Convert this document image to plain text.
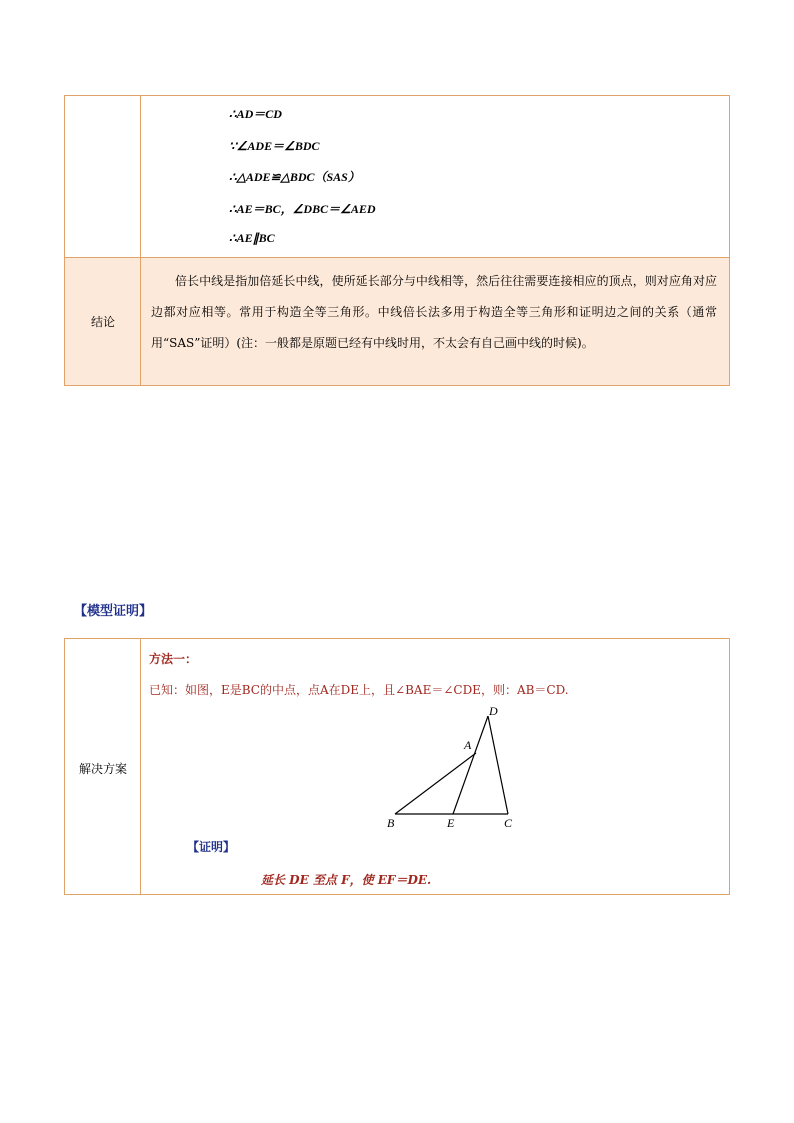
∴AD＝CD
∵∠ADE＝∠BDC
∴△ADE≌△BDC（SAS）
∴AE＝BC，∠DBC＝∠AED
∴AE∥BC
结论
倍长中线是指加倍延长中线，使所延长部分与中线相等，然后往往需要连接相应的顶点，则对应角对应边都对应相等。常用于构造全等三角形。中线倍长法多用于构造全等三角形和证明边之间的关系（通常用“SAS”证明）(注：一般都是原题已经有中线时用，不太会有自己画中线的时候)。
【模型证明】
解决方案
方法一：
已知：如图，E是BC的中点，点A在DE上，且∠BAE＝∠CDE，则：AB＝CD.
D
A
B	E	C
【证明】
延长 DE 至点 F，使 EF＝DE.
